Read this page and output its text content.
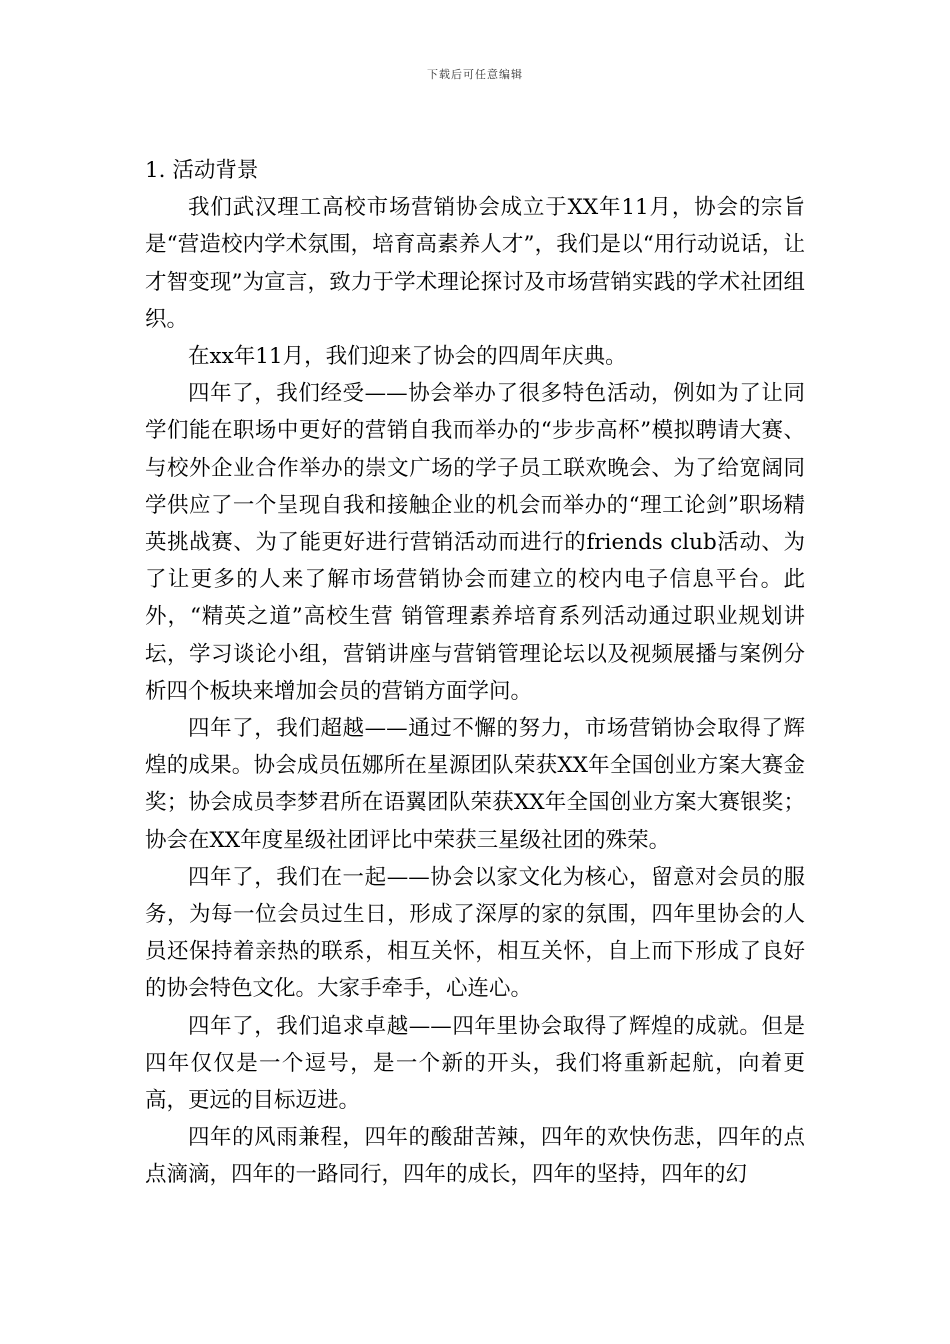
下载后可任意编辑
1. 活动背景

我们武汉理工高校市场营销协会成立于XX年11月，协会的宗旨是“营造校内学术氛围，培育高素养人才”，我们是以“用行动说话，让才智变现”为宣言，致力于学术理论探讨及市场营销实践的学术社团组织。

在xx年11月，我们迎来了协会的四周年庆典。

四年了，我们经受——协会举办了很多特色活动，例如为了让同学们能在职场中更好的营销自我而举办的“步步高杯”模拟聘请大赛、与校外企业合作举办的崇文广场的学子员工联欢晚会、为了给宽阔同学供应了一个呈现自我和接触企业的机会而举办的“理工论剑”职场精英挑战赛、为了能更好进行营销活动而进行的friends club活动、为了让更多的人来了解市场营销协会而建立的校内电子信息平台。此外，“精英之道”高校生营 销管理素养培育系列活动通过职业规划讲坛，学习谈论小组，营销讲座与营销管理论坛以及视频展播与案例分析四个板块来增加会员的营销方面学问。

四年了，我们超越——通过不懈的努力，市场营销协会取得了辉煌的成果。协会成员伍娜所在星源团队荣获XX年全国创业方案大赛金奖；协会成员李梦君所在语翼团队荣获XX年全国创业方案大赛银奖；协会在XX年度星级社团评比中荣获三星级社团的殊荣。

四年了，我们在一起——协会以家文化为核心，留意对会员的服务，为每一位会员过生日，形成了深厚的家的氛围，四年里协会的人员还保持着亲热的联系，相互关怀，相互关怀，自上而下形成了良好的协会特色文化。大家手牵手，心连心。

四年了，我们追求卓越——四年里协会取得了辉煌的成就。但是四年仅仅是一个逗号，是一个新的开头，我们将重新起航，向着更高，更远的目标迈进。

四年的风雨兼程，四年的酸甜苦辣，四年的欢快伤悲，四年的点点滴滴，四年的一路同行，四年的成长，四年的坚持，四年的幻
